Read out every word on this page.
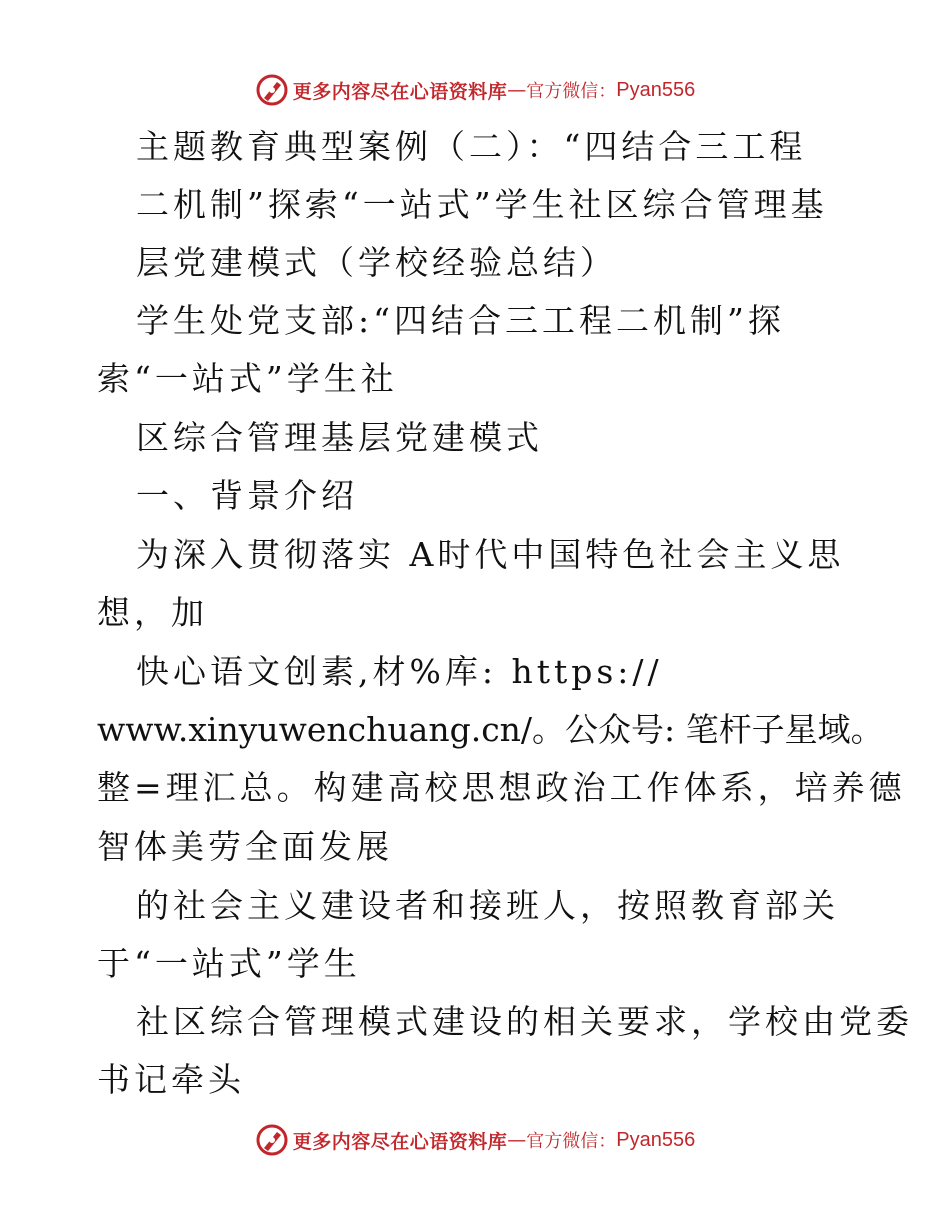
更多内容尽在心语资料库 — 官方微信： Pyan556
主题教育典型案例（二）：“四结合三工程
二机制”探索“一站式”学生社区综合管理基
层党建模式（学校经验总结）
学生处党支部:“四结合三工程二机制”探
索“一站式”学生社
区综合管理基层党建模式
一、背景介绍
为深入贯彻落实 A时代中国特色社会主义思
想，加
快心语文创素,材%库: https://
www.xinyuwenchuang.cn/。公众号: 笔杆子星域。
整=理汇总。构建高校思想政治工作体系，培养德
智体美劳全面发展
的社会主义建设者和接班人，按照教育部关
于“一站式”学生
社区综合管理模式建设的相关要求，学校由党委
书记牵头
更多内容尽在心语资料库 — 官方微信： Pyan556
